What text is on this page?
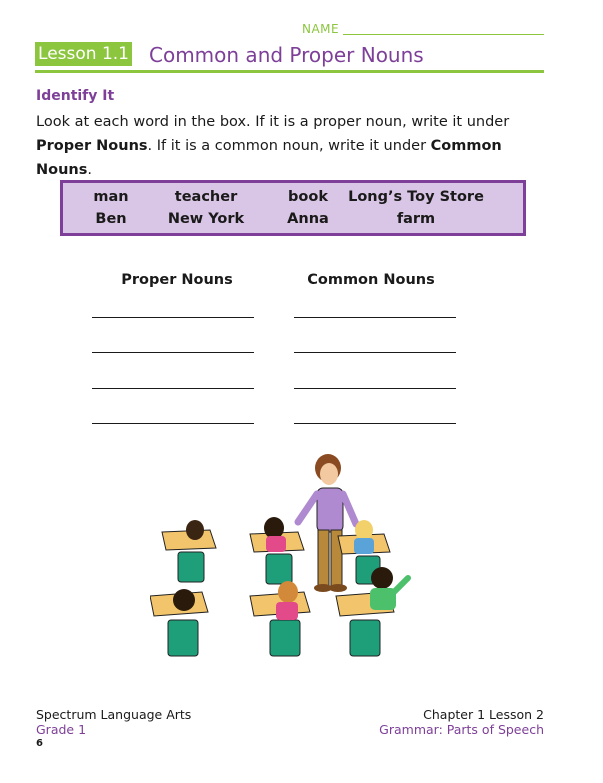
NAME
Lesson 1.1 Common and Proper Nouns
Identify It
Look at each word in the box. If it is a proper noun, write it under Proper Nouns. If it is a common noun, write it under Common Nouns.
man	teacher	book	Long’s Toy Store
Ben	New York	Anna	farm
Proper Nouns	Common Nouns
Spectrum Language Arts
Grade 1
Chapter 1 Lesson 2
Grammar: Parts of Speech
6
